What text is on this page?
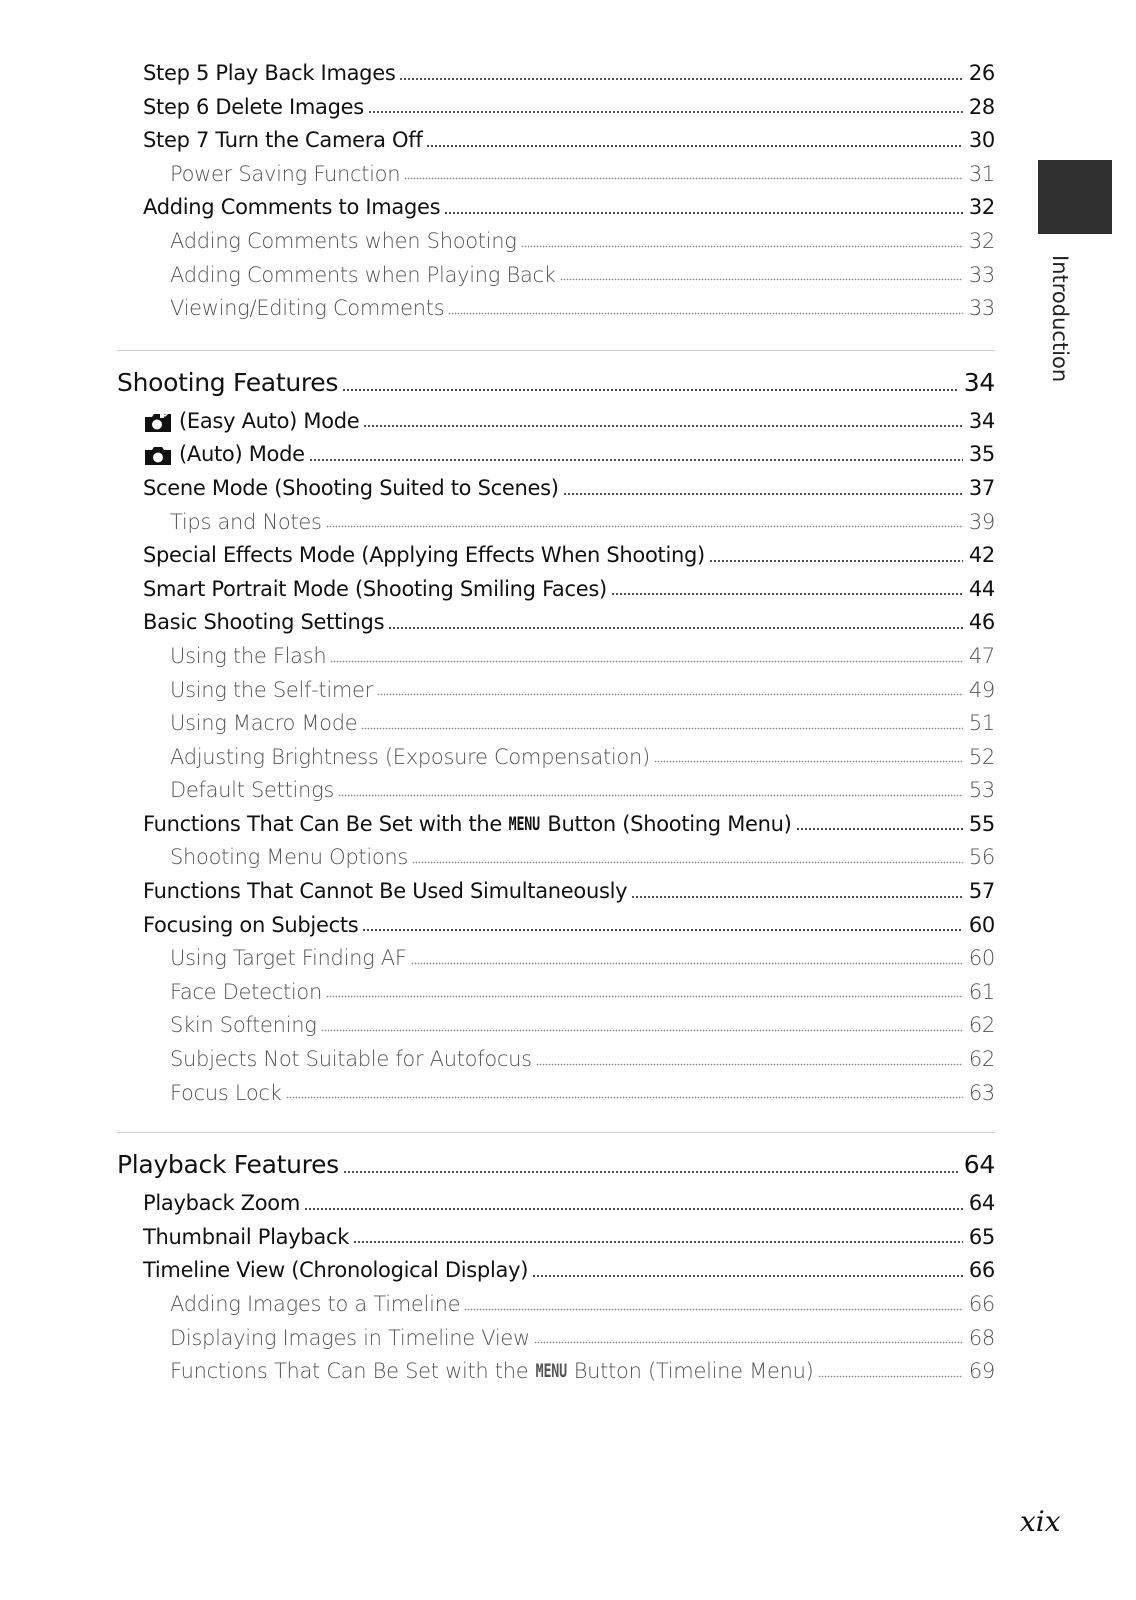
Step 5 Play Back Images	26
Step 6 Delete Images	28
Step 7 Turn the Camera Off	30
Power Saving Function	31
Adding Comments to Images	32
Adding Comments when Shooting	32
Adding Comments when Playing Back	33
Viewing/Editing Comments	33
Shooting Features	34
(Easy Auto) Mode	34
(Auto) Mode	35
Scene Mode (Shooting Suited to Scenes)	37
Tips and Notes	39
Special Effects Mode (Applying Effects When Shooting)	42
Smart Portrait Mode (Shooting Smiling Faces)	44
Basic Shooting Settings	46
Using the Flash	47
Using the Self-timer	49
Using Macro Mode	51
Adjusting Brightness (Exposure Compensation)	52
Default Settings	53
Functions That Can Be Set with the
MENU
Button (Shooting Menu)	55
Shooting Menu Options	56
Functions That Cannot Be Used Simultaneously	57
Focusing on Subjects	60
Using Target Finding AF	60
Face Detection	61
Skin Softening	62
Subjects Not Suitable for Autofocus	62
Focus Lock	63
Playback Features	64
Playback Zoom	64
Thumbnail Playback	65
Timeline View (Chronological Display)	66
Adding Images to a Timeline	66
Displaying Images in Timeline View	68
Functions That Can Be Set with the
MENU
Button (Timeline Menu)	69
Introduction
xix
